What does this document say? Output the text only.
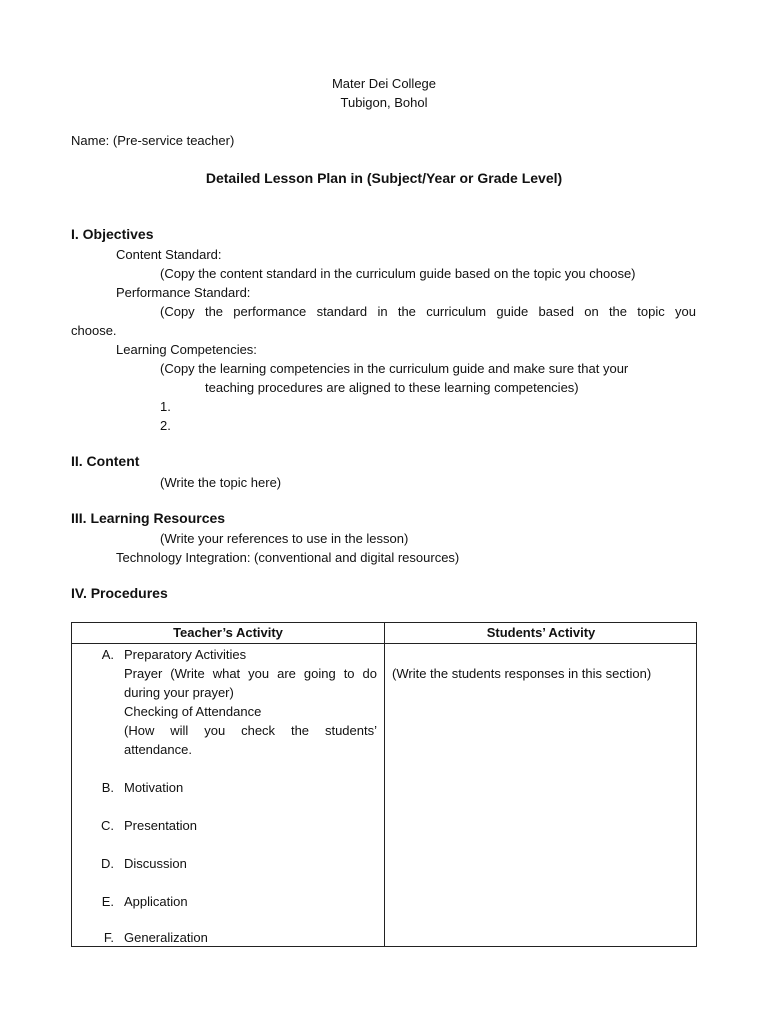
Mater Dei College
Tubigon, Bohol
Name: (Pre-service teacher)
Detailed Lesson Plan in (Subject/Year or Grade Level)
I. Objectives
Content Standard:
(Copy the content standard in the curriculum guide based on the topic you choose)
Performance Standard:
(Copy the performance standard in the curriculum guide based on the topic you
choose.
Learning Competencies:
(Copy the learning competencies in the curriculum guide and make sure that your
teaching procedures are aligned to these learning competencies)
1.
2.
II. Content
(Write the topic here)
III. Learning Resources
(Write your references to use in the lesson)
Technology Integration: (conventional and digital resources)
IV. Procedures
Teacher’s Activity	Students’ Activity
A. Preparatory Activities
Prayer (Write what you are going to do
during your prayer)
Checking of Attendance
(How will you check the students’
attendance.
B. Motivation
C. Presentation
D. Discussion
E. Application
F. Generalization
(Write the students responses in this section)
